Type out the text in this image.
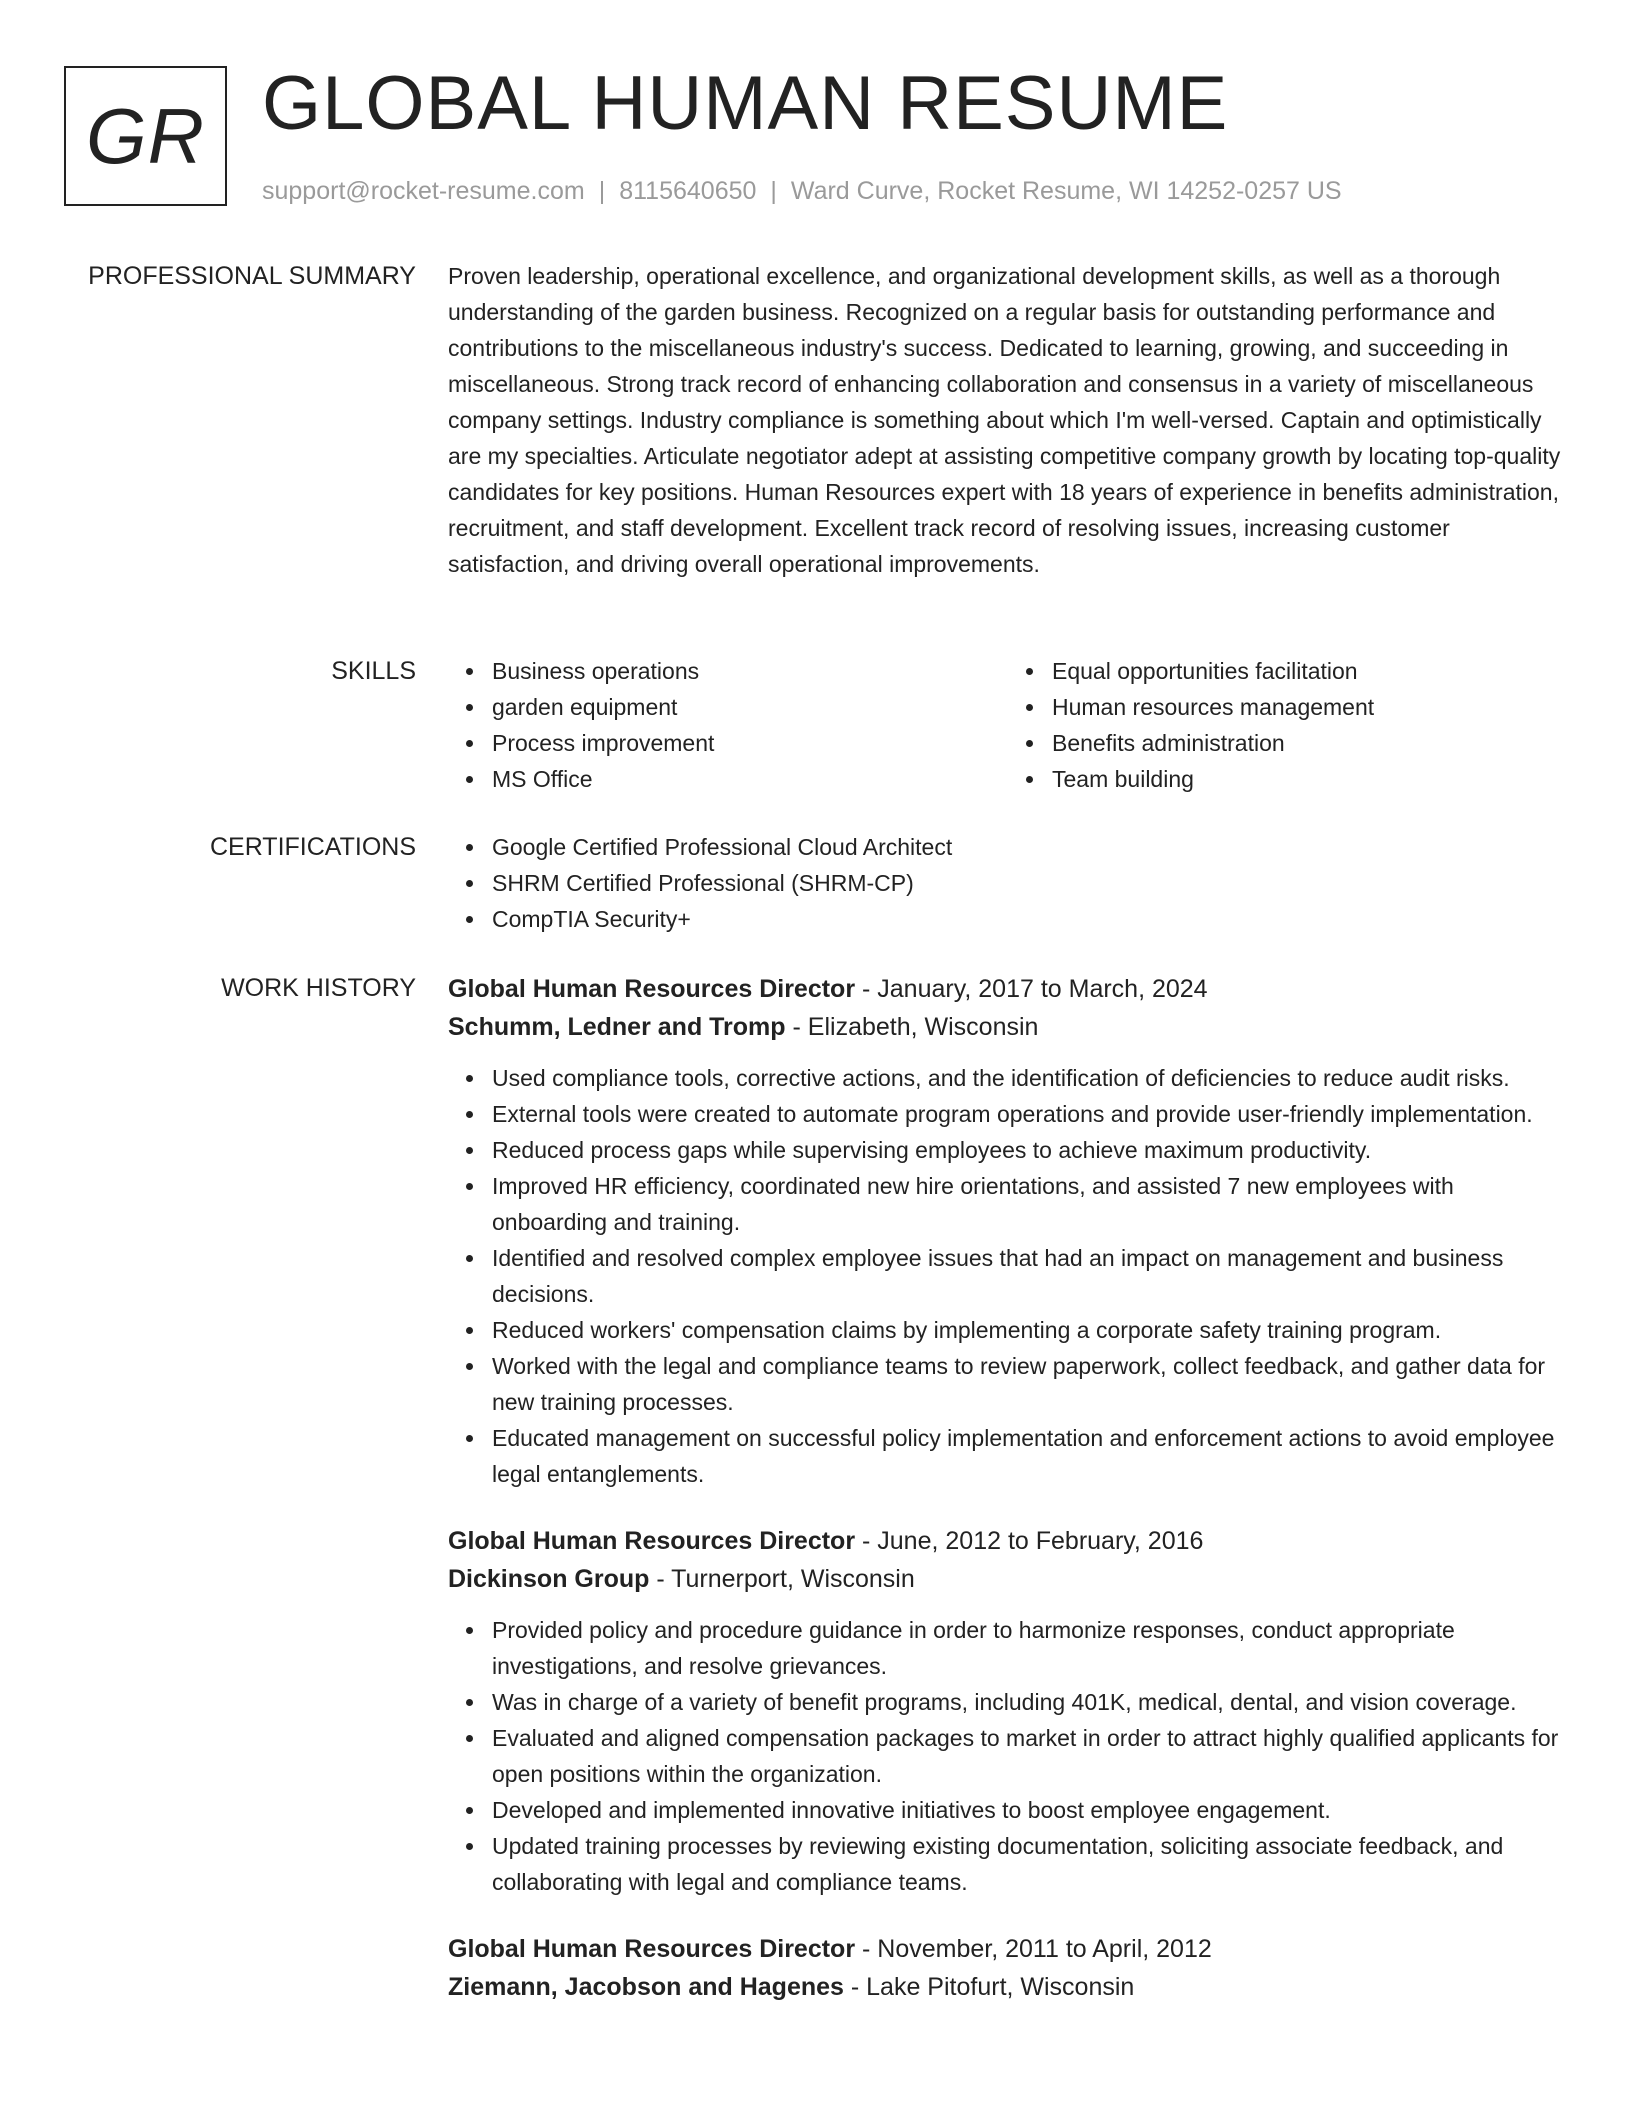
GR GLOBAL HUMAN RESUME
support@rocket-resume.com | 8115640650 | Ward Curve, Rocket Resume, WI 14252-0257 US
PROFESSIONAL SUMMARY Proven leadership, operational excellence, and organizational development skills, as well as a thorough understanding of the garden business. Recognized on a regular basis for outstanding performance and contributions to the miscellaneous industry's success. Dedicated to learning, growing, and succeeding in miscellaneous. Strong track record of enhancing collaboration and consensus in a variety of miscellaneous company settings. Industry compliance is something about which I'm well-versed. Captain and optimistically are my specialties. Articulate negotiator adept at assisting competitive company growth by locating top-quality candidates for key positions. Human Resources expert with 18 years of experience in benefits administration, recruitment, and staff development. Excellent track record of resolving issues, increasing customer satisfaction, and driving overall operational improvements.

SKILLS	Business operations
garden equipment
Process improvement
MS Office
Equal opportunities facilitation
Human resources management
Benefits administration
Team building
CERTIFICATIONS	Google Certified Professional Cloud Architect
SHRM Certified Professional (SHRM-CP)
CompTIA Security+
WORK HISTORY Global Human Resources Director - January, 2017 to March, 2024
Schumm, Ledner and Tromp - Elizabeth, Wisconsin
Used compliance tools, corrective actions, and the identification of deficiencies to reduce audit risks.
External tools were created to automate program operations and provide user-friendly implementation.
Reduced process gaps while supervising employees to achieve maximum productivity.
Improved HR efficiency, coordinated new hire orientations, and assisted 7 new employees with onboarding and training.
Identified and resolved complex employee issues that had an impact on management and business decisions.
Reduced workers' compensation claims by implementing a corporate safety training program.
Worked with the legal and compliance teams to review paperwork, collect feedback, and gather data for new training processes.
Educated management on successful policy implementation and enforcement actions to avoid employee legal entanglements.
Global Human Resources Director - June, 2012 to February, 2016
Dickinson Group - Turnerport, Wisconsin
Provided policy and procedure guidance in order to harmonize responses, conduct appropriate investigations, and resolve grievances.
Was in charge of a variety of benefit programs, including 401K, medical, dental, and vision coverage.
Evaluated and aligned compensation packages to market in order to attract highly qualified applicants for open positions within the organization.
Developed and implemented innovative initiatives to boost employee engagement.
Updated training processes by reviewing existing documentation, soliciting associate feedback, and collaborating with legal and compliance teams.
Global Human Resources Director - November, 2011 to April, 2012
Ziemann, Jacobson and Hagenes - Lake Pitofurt, Wisconsin
